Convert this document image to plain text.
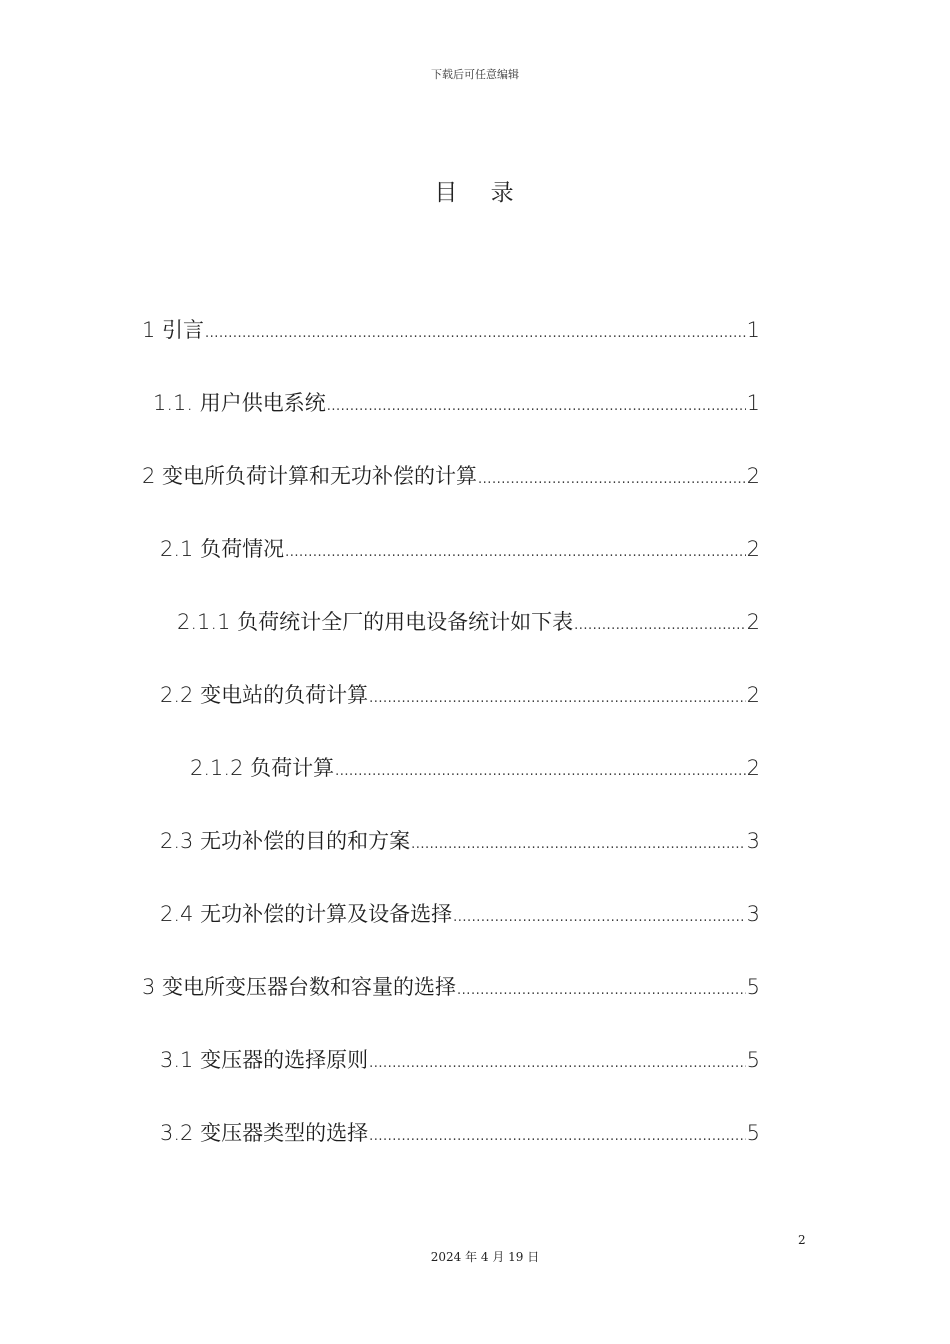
下载后可任意编辑
目 录
1 引言 .....	1
1.1. 用户供电系统 .....	1
2 变电所负荷计算和无功补偿的计算 .....	2
2.1 负荷情况 .....	2
2.1.1 负荷统计全厂的用电设备统计如下表 .....	2
2.2 变电站的负荷计算 .....	2
2.1.2 负荷计算 .....	2
2.3 无功补偿的目的和方案 .....	3
2.4 无功补偿的计算及设备选择 .....	3
3 变电所变压器台数和容量的选择 .....	5
3.1 变压器的选择原则 .....	5
3.2 变压器类型的选择 .....	5
2
2024 年 4 月 19 日
